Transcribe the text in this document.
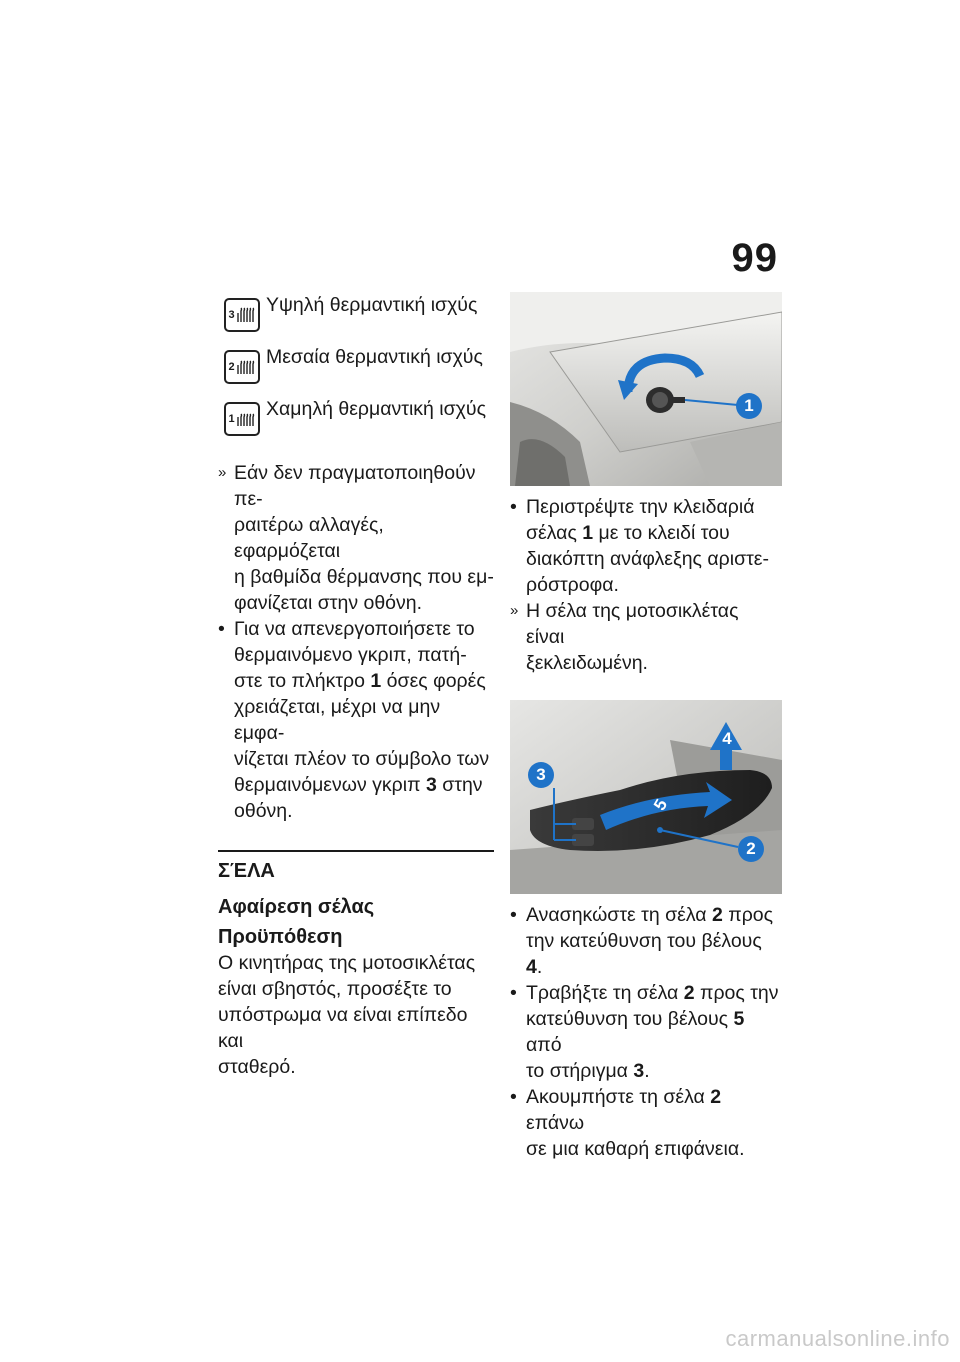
99
3 Υψηλή θερμαντική ισχύς
2 Μεσαία θερμαντική ισχύς
1 Χαμηλή θερμαντική ισχύς
» Εάν δεν πραγματοποιηθούν πε-
ραιτέρω αλλαγές, εφαρμόζεται
η βαθμίδα θέρμανσης που εμ-
φανίζεται στην οθόνη.
• Για να απενεργοποιήσετε το
θερμαινόμενο γκριπ, πατή-
στε το πλήκτρο 1 όσες φορές
χρειάζεται, μέχρι να μην εμφα-
νίζεται πλέον το σύμβολο των
θερμαινόμενων γκριπ 3 στην
οθόνη.
ΣΈΛΑ
Αφαίρεση σέλας
Προϋπόθεση
Ο κινητήρας της μοτοσικλέτας
είναι σβηστός, προσέξτε το
υπόστρωμα να είναι επίπεδο και
σταθερό.
1
• Περιστρέψτε την κλειδαριά
σέλας 1 με το κλειδί του
διακόπτη ανάφλεξης αριστε-
ρόστροφα.
» Η σέλα της μοτοσικλέτας είναι
ξεκλειδωμένη.
3
4
5
2
• Ανασηκώστε τη σέλα 2 προς
την κατεύθυνση του βέλους 4.
• Τραβήξτε τη σέλα 2 προς την
κατεύθυνση του βέλους 5 από
το στήριγμα 3.
• Ακουμπήστε τη σέλα 2 επάνω
σε μια καθαρή επιφάνεια.
carmanualsonline.info
